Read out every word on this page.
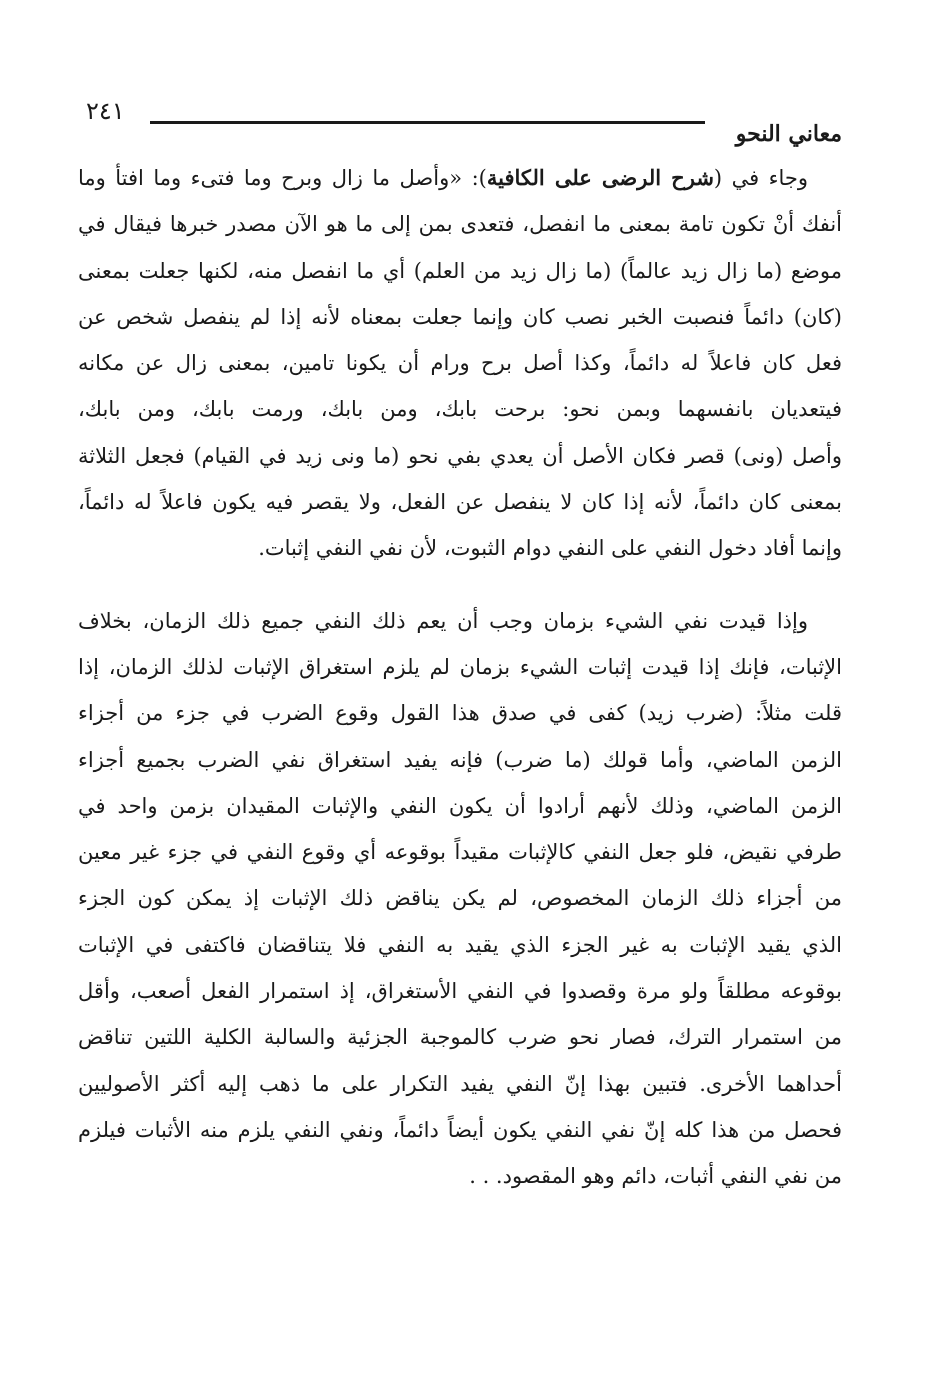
٢٤١
معاني النحو
وجاء في (شرح الرضى على الكافية): «وأصل ما زال وبرح وما فتىء وما افتأ وما
أنفك أنْ تكون تامة بمعنى ما انفصل، فتعدى بمن إلى ما هو الآن مصدر خبرها فيقال في
موضع (ما زال زيد عالماً) (ما زال زيد من العلم) أي ما انفصل منه، لكنها جعلت بمعنى
(كان) دائماً فنصبت الخبر نصب كان وإنما جعلت بمعناه لأنه إذا لم ينفصل شخص عن
فعل كان فاعلاً له دائماً، وكذا أصل برح ورام أن يكونا تامين، بمعنى زال عن مكانه
فيتعديان بانفسهما وبمن نحو: برحت بابك، ومن بابك، ورمت بابك، ومن بابك،
وأصل (ونى) قصر فكان الأصل أن يعدي بفي نحو (ما ونى زيد في القيام) فجعل الثلاثة
بمعنى كان دائماً، لأنه إذا كان لا ينفصل عن الفعل، ولا يقصر فيه يكون فاعلاً له دائماً،
وإنما أفاد دخول النفي على النفي دوام الثبوت، لأن نفي النفي إثبات.
وإذا قيدت نفي الشيء بزمان وجب أن يعم ذلك النفي جميع ذلك الزمان، بخلاف
الإثبات، فإنك إذا قيدت إثبات الشيء بزمان لم يلزم استغراق الإثبات لذلك الزمان، إذا
قلت مثلاً: (ضرب زيد) كفى في صدق هذا القول وقوع الضرب في جزء من أجزاء
الزمن الماضي، وأما قولك (ما ضرب) فإنه يفيد استغراق نفي الضرب بجميع أجزاء
الزمن الماضي، وذلك لأنهم أرادوا أن يكون النفي والإثبات المقيدان بزمن واحد في
طرفي نقيض، فلو جعل النفي كالإثبات مقيداً بوقوعه أي وقوع النفي في جزء غير معين
من أجزاء ذلك الزمان المخصوص، لم يكن يناقض ذلك الإثبات إذ يمكن كون الجزء
الذي يقيد الإثبات به غير الجزء الذي يقيد به النفي فلا يتناقضان فاكتفى في الإثبات
بوقوعه مطلقاً ولو مرة وقصدوا في النفي الأستغراق، إذ استمرار الفعل أصعب، وأقل
من استمرار الترك، فصار نحو ضرب كالموجبة الجزئية والسالبة الكلية اللتين تناقض
أحداهما الأخرى. فتبين بهذا إنّ النفي يفيد التكرار على ما ذهب إليه أكثر الأصوليين
فحصل من هذا كله إنّ نفي النفي يكون أيضاً دائماً، ونفي النفي يلزم منه الأثبات فيلزم
من نفي النفي أثبات، دائم وهو المقصود. . .
